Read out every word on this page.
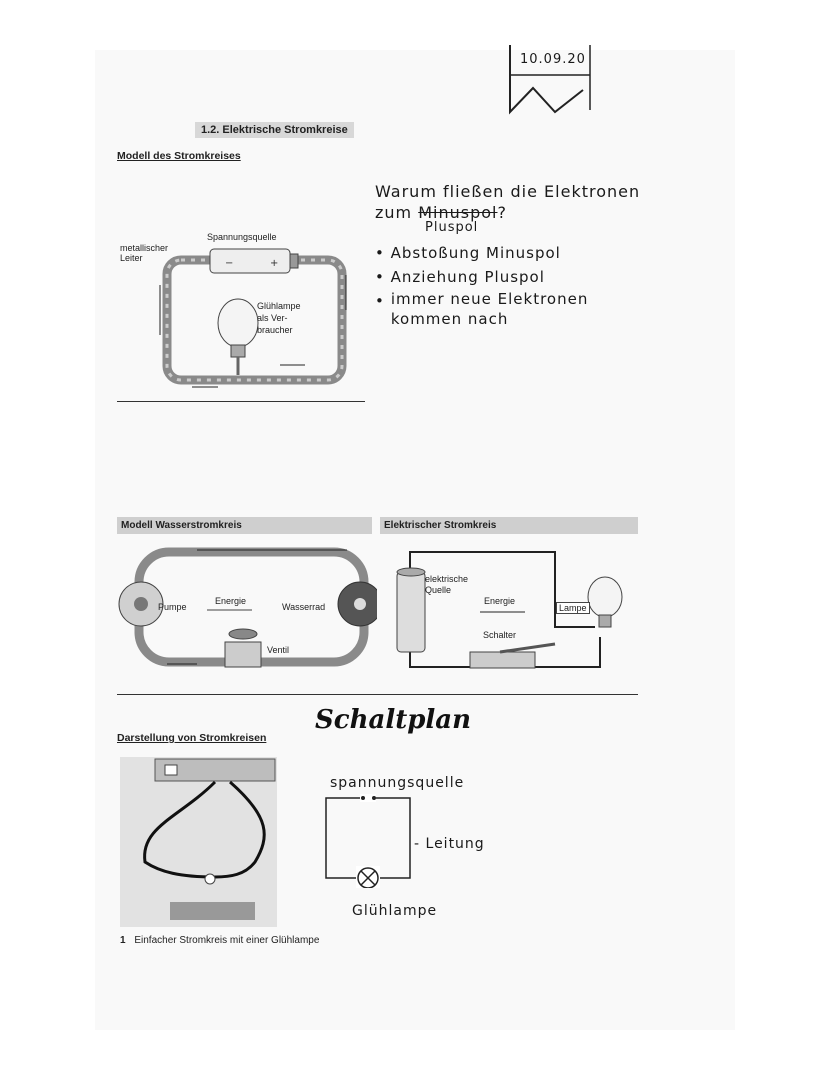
10.09.20
1.2. Elektrische Stromkreise
Modell des Stromkreises
−	+
metallischer
Leiter
Spannungsquelle
Glühlampe
als Ver-
braucher
Warum fließen die Elektronen
zum Minuspol?
Pluspol
• Abstoßung Minuspol
• Anziehung Pluspol
• immer neue Elektronen
kommen nach
Modell Wasserstromkreis
Pumpe
Energie
Wasserrad
Ventil
Elektrischer Stromkreis
elektrische
Quelle
Energie
Lampe
Schalter
Darstellung von Stromkreisen
1 Einfacher Stromkreis mit einer Glühlampe
Schaltplan
spannungsquelle
- Leitung
Glühlampe
